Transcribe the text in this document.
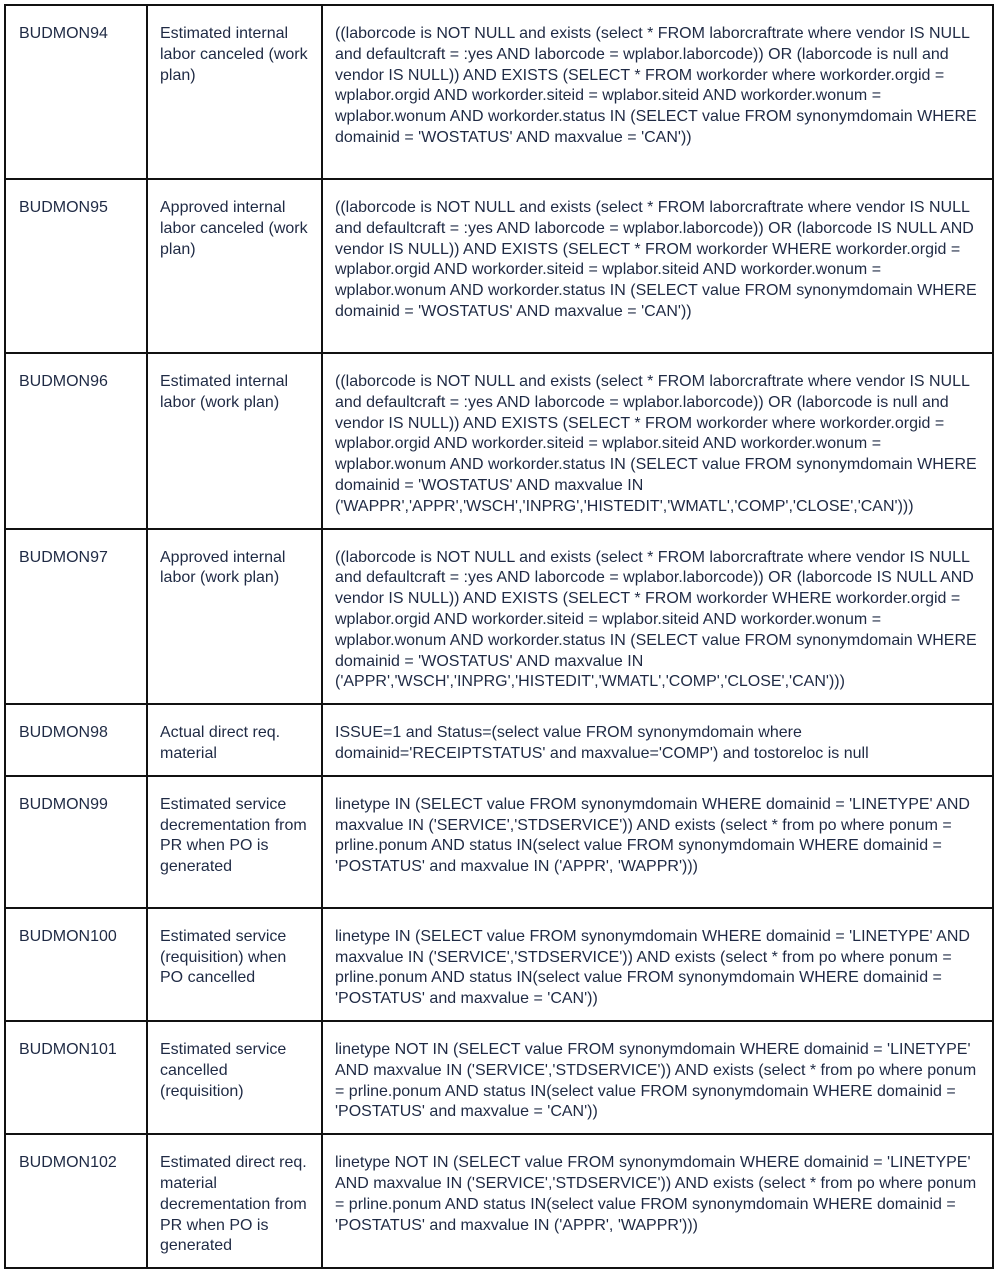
BUDMON94	Estimated internal labor canceled (work plan)	((laborcode is NOT NULL and exists (select * FROM laborcraftrate where vendor IS NULL and defaultcraft = :yes AND laborcode = wplabor.laborcode)) OR (laborcode is null and vendor IS NULL)) AND EXISTS (SELECT * FROM workorder where workorder.orgid = wplabor.orgid AND workorder.siteid = wplabor.siteid AND workorder.wonum = wplabor.wonum AND workorder.status IN (SELECT value FROM synonymdomain WHERE domainid = 'WOSTATUS' AND maxvalue = 'CAN'))
BUDMON95	Approved internal labor canceled (work plan)	((laborcode is NOT NULL and exists (select * FROM laborcraftrate where vendor IS NULL and defaultcraft = :yes AND laborcode = wplabor.laborcode)) OR (laborcode IS NULL AND vendor IS NULL)) AND EXISTS (SELECT * FROM workorder WHERE workorder.orgid = wplabor.orgid AND workorder.siteid = wplabor.siteid AND workorder.wonum = wplabor.wonum AND workorder.status IN (SELECT value FROM synonymdomain WHERE domainid = 'WOSTATUS' AND maxvalue = 'CAN'))
BUDMON96	Estimated internal labor (work plan)	((laborcode is NOT NULL and exists (select * FROM laborcraftrate where vendor IS NULL and defaultcraft = :yes AND laborcode = wplabor.laborcode)) OR (laborcode is null and vendor IS NULL)) AND EXISTS (SELECT * FROM workorder where workorder.orgid = wplabor.orgid AND workorder.siteid = wplabor.siteid AND workorder.wonum = wplabor.wonum AND workorder.status IN (SELECT value FROM synonymdomain WHERE domainid = 'WOSTATUS' AND maxvalue IN ('WAPPR','APPR','WSCH','INPRG','HISTEDIT','WMATL','COMP','CLOSE','CAN')))
BUDMON97	Approved internal labor (work plan)	((laborcode is NOT NULL and exists (select * FROM laborcraftrate where vendor IS NULL and defaultcraft = :yes AND laborcode = wplabor.laborcode)) OR (laborcode IS NULL AND vendor IS NULL)) AND EXISTS (SELECT * FROM workorder WHERE workorder.orgid = wplabor.orgid AND workorder.siteid = wplabor.siteid AND workorder.wonum = wplabor.wonum AND workorder.status IN (SELECT value FROM synonymdomain WHERE domainid = 'WOSTATUS' AND maxvalue IN ('APPR','WSCH','INPRG','HISTEDIT','WMATL','COMP','CLOSE','CAN')))
BUDMON98	Actual direct req. material	ISSUE=1 and Status=(select value FROM synonymdomain where domainid='RECEIPTSTATUS' and maxvalue='COMP') and tostoreloc is null
BUDMON99	Estimated service decrementation from PR when PO is generated	linetype IN (SELECT value FROM synonymdomain WHERE domainid = 'LINETYPE' AND maxvalue IN ('SERVICE','STDSERVICE')) AND exists (select * from po where ponum = prline.ponum AND status IN(select value FROM synonymdomain WHERE domainid = 'POSTATUS' and maxvalue IN ('APPR', 'WAPPR')))
BUDMON100	Estimated service (requisition) when PO cancelled	linetype IN (SELECT value FROM synonymdomain WHERE domainid = 'LINETYPE' AND maxvalue IN ('SERVICE','STDSERVICE')) AND exists (select * from po where ponum = prline.ponum AND status IN(select value FROM synonymdomain WHERE domainid = 'POSTATUS' and maxvalue = 'CAN'))
BUDMON101	Estimated service cancelled (requisition)	linetype NOT IN (SELECT value FROM synonymdomain WHERE domainid = 'LINETYPE' AND maxvalue IN ('SERVICE','STDSERVICE')) AND exists (select * from po where ponum = prline.ponum AND status IN(select value FROM synonymdomain WHERE domainid = 'POSTATUS' and maxvalue = 'CAN'))
BUDMON102	Estimated direct req. material decrementation from PR when PO is generated	linetype NOT IN (SELECT value FROM synonymdomain WHERE domainid = 'LINETYPE' AND maxvalue IN ('SERVICE','STDSERVICE')) AND exists (select * from po where ponum = prline.ponum AND status IN(select value FROM synonymdomain WHERE domainid = 'POSTATUS' and maxvalue IN ('APPR', 'WAPPR')))
